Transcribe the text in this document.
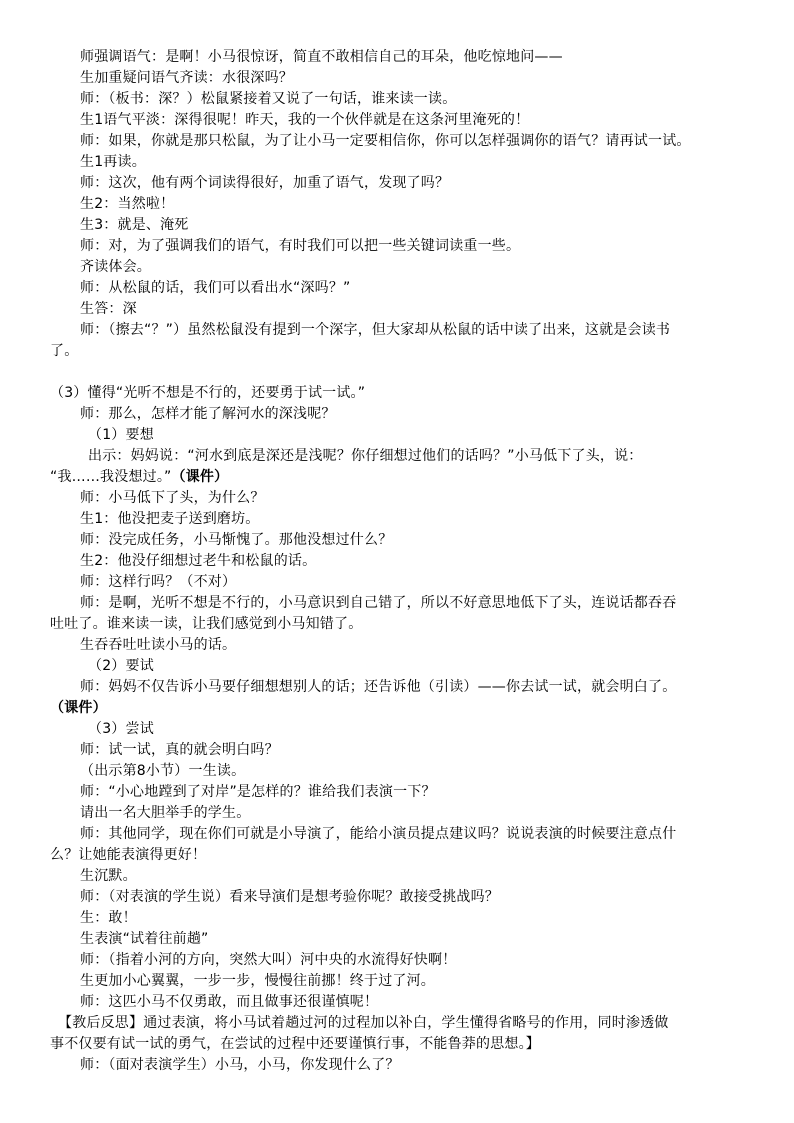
师强调语气：是啊！小马很惊讶，简直不敢相信自己的耳朵，他吃惊地问——
生加重疑问语气齐读：水很深吗？
师：（板书：深？）松鼠紧接着又说了一句话，谁来读一读。
生1语气平淡：深得很呢！昨天，我的一个伙伴就是在这条河里淹死的！
师：如果，你就是那只松鼠，为了让小马一定要相信你，你可以怎样强调你的语气？请再试一试。
生1再读。
师：这次，他有两个词读得很好，加重了语气，发现了吗？
生2：当然啦！
生3：就是、淹死
师：对，为了强调我们的语气，有时我们可以把一些关键词读重一些。
齐读体会。
师：从松鼠的话，我们可以看出水“深吗？”
生答：深
师：（擦去“？”）虽然松鼠没有提到一个深字，但大家却从松鼠的话中读了出来，这就是会读书
了。
（3）懂得“光听不想是不行的，还要勇于试一试。”
师：那么，怎样才能了解河水的深浅呢？
（1）要想
出示：妈妈说：“河水到底是深还是浅呢？你仔细想过他们的话吗？”小马低下了头，说：
“我……我没想过。”（课件）
师：小马低下了头，为什么？
生1：他没把麦子送到磨坊。
师：没完成任务，小马惭愧了。那他没想过什么？
生2：他没仔细想过老牛和松鼠的话。
师：这样行吗？（不对）
师：是啊，光听不想是不行的，小马意识到自己错了，所以不好意思地低下了头，连说话都吞吞
吐吐了。谁来读一读，让我们感觉到小马知错了。
生吞吞吐吐读小马的话。
（2）要试
师：妈妈不仅告诉小马要仔细想想别人的话；还告诉他（引读）——你去试一试，就会明白了。
（课件）
（3）尝试
师：试一试，真的就会明白吗？
（出示第8小节）一生读。
师：“小心地蹚到了对岸”是怎样的？谁给我们表演一下？
请出一名大胆举手的学生。
师：其他同学，现在你们可就是小导演了，能给小演员提点建议吗？说说表演的时候要注意点什
么？让她能表演得更好！
生沉默。
师：（对表演的学生说）看来导演们是想考验你呢？敢接受挑战吗？
生：敢！
生表演“试着往前趟”
师：（指着小河的方向，突然大叫）河中央的水流得好快啊！
生更加小心翼翼，一步一步，慢慢往前挪！终于过了河。
师：这匹小马不仅勇敢，而且做事还很谨慎呢！
【教后反思】通过表演，将小马试着趟过河的过程加以补白，学生懂得省略号的作用，同时渗透做
事不仅要有试一试的勇气，在尝试的过程中还要谨慎行事，不能鲁莽的思想。】
师：（面对表演学生）小马，小马，你发现什么了？
